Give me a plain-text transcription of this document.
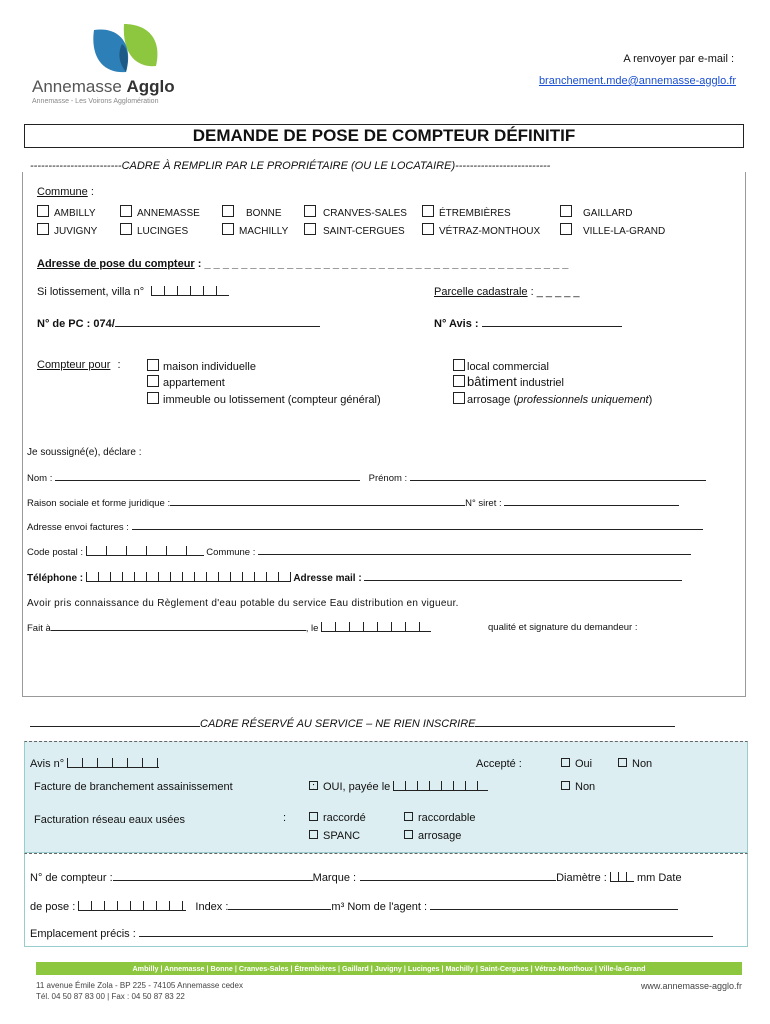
Annemasse Agglo
Annemasse - Les Voirons Agglomération
A renvoyer par e-mail :
branchement.mde@annemasse-agglo.fr
DEMANDE DE POSE DE COMPTEUR DÉFINITIF
-------------------------CADRE À REMPLIR PAR LE PROPRIÉTAIRE (OU LE LOCATAIRE)--------------------------
Commune :
AMBILLY	ANNEMASSE	BONNE	CRANVES-SALES	ÉTREMBIÈRES	GAILLARD
JUVIGNY	LUCINGES	MACHILLY	SAINT-CERGUES	VÉTRAZ-MONTHOUX	VILLE-LA-GRAND
Adresse de pose du compteur : _ _ _ _ _ _ _ _ _ _ _ _ _ _ _ _ _ _ _ _ _ _ _ _ _ _ _ _ _ _ _ _ _ _ _ _ _ _ _ _
Si lotissement, villa n°	Parcelle cadastrale : _ _ _ _ _
N° de PC : 074/	N° Avis :
Compteur pour :	maison individuelle
appartement
immeuble ou lotissement (compteur général)
local commercial
bâtiment industriel
arrosage (professionnels uniquement)
Je soussigné(e), déclare :
Nom :	Prénom :
Raison sociale et forme juridique :	N° siret :
Adresse envoi factures :
Code postal :	Commune :
Téléphone :	Adresse mail :
Avoir pris connaissance du Règlement d'eau potable du service Eau distribution en vigueur.
Fait à	, le	qualité et signature du demandeur :
CADRE RÉSERVÉ AU SERVICE – NE RIEN INSCRIRE
Avis n°	Accepté :	Oui	Non
Facture de branchement assainissement	: OUI, payée le	Non
Facturation réseau eaux usées	:	raccordé	raccordable
SPANC	arrosage
N° de compteur :	Marque :	Diamètre :	mm Date
de pose :	Index :	m³ Nom de l'agent :
Emplacement précis :
Ambilly | Annemasse | Bonne | Cranves-Sales | Étrembières | Gaillard | Juvigny | Lucinges | Machilly | Saint-Cergues | Vétraz-Monthoux | Ville-la-Grand
11 avenue Émile Zola - BP 225 - 74105 Annemasse cedex
Tél. 04 50 87 83 00 | Fax : 04 50 87 83 22
www.annemasse-agglo.fr
